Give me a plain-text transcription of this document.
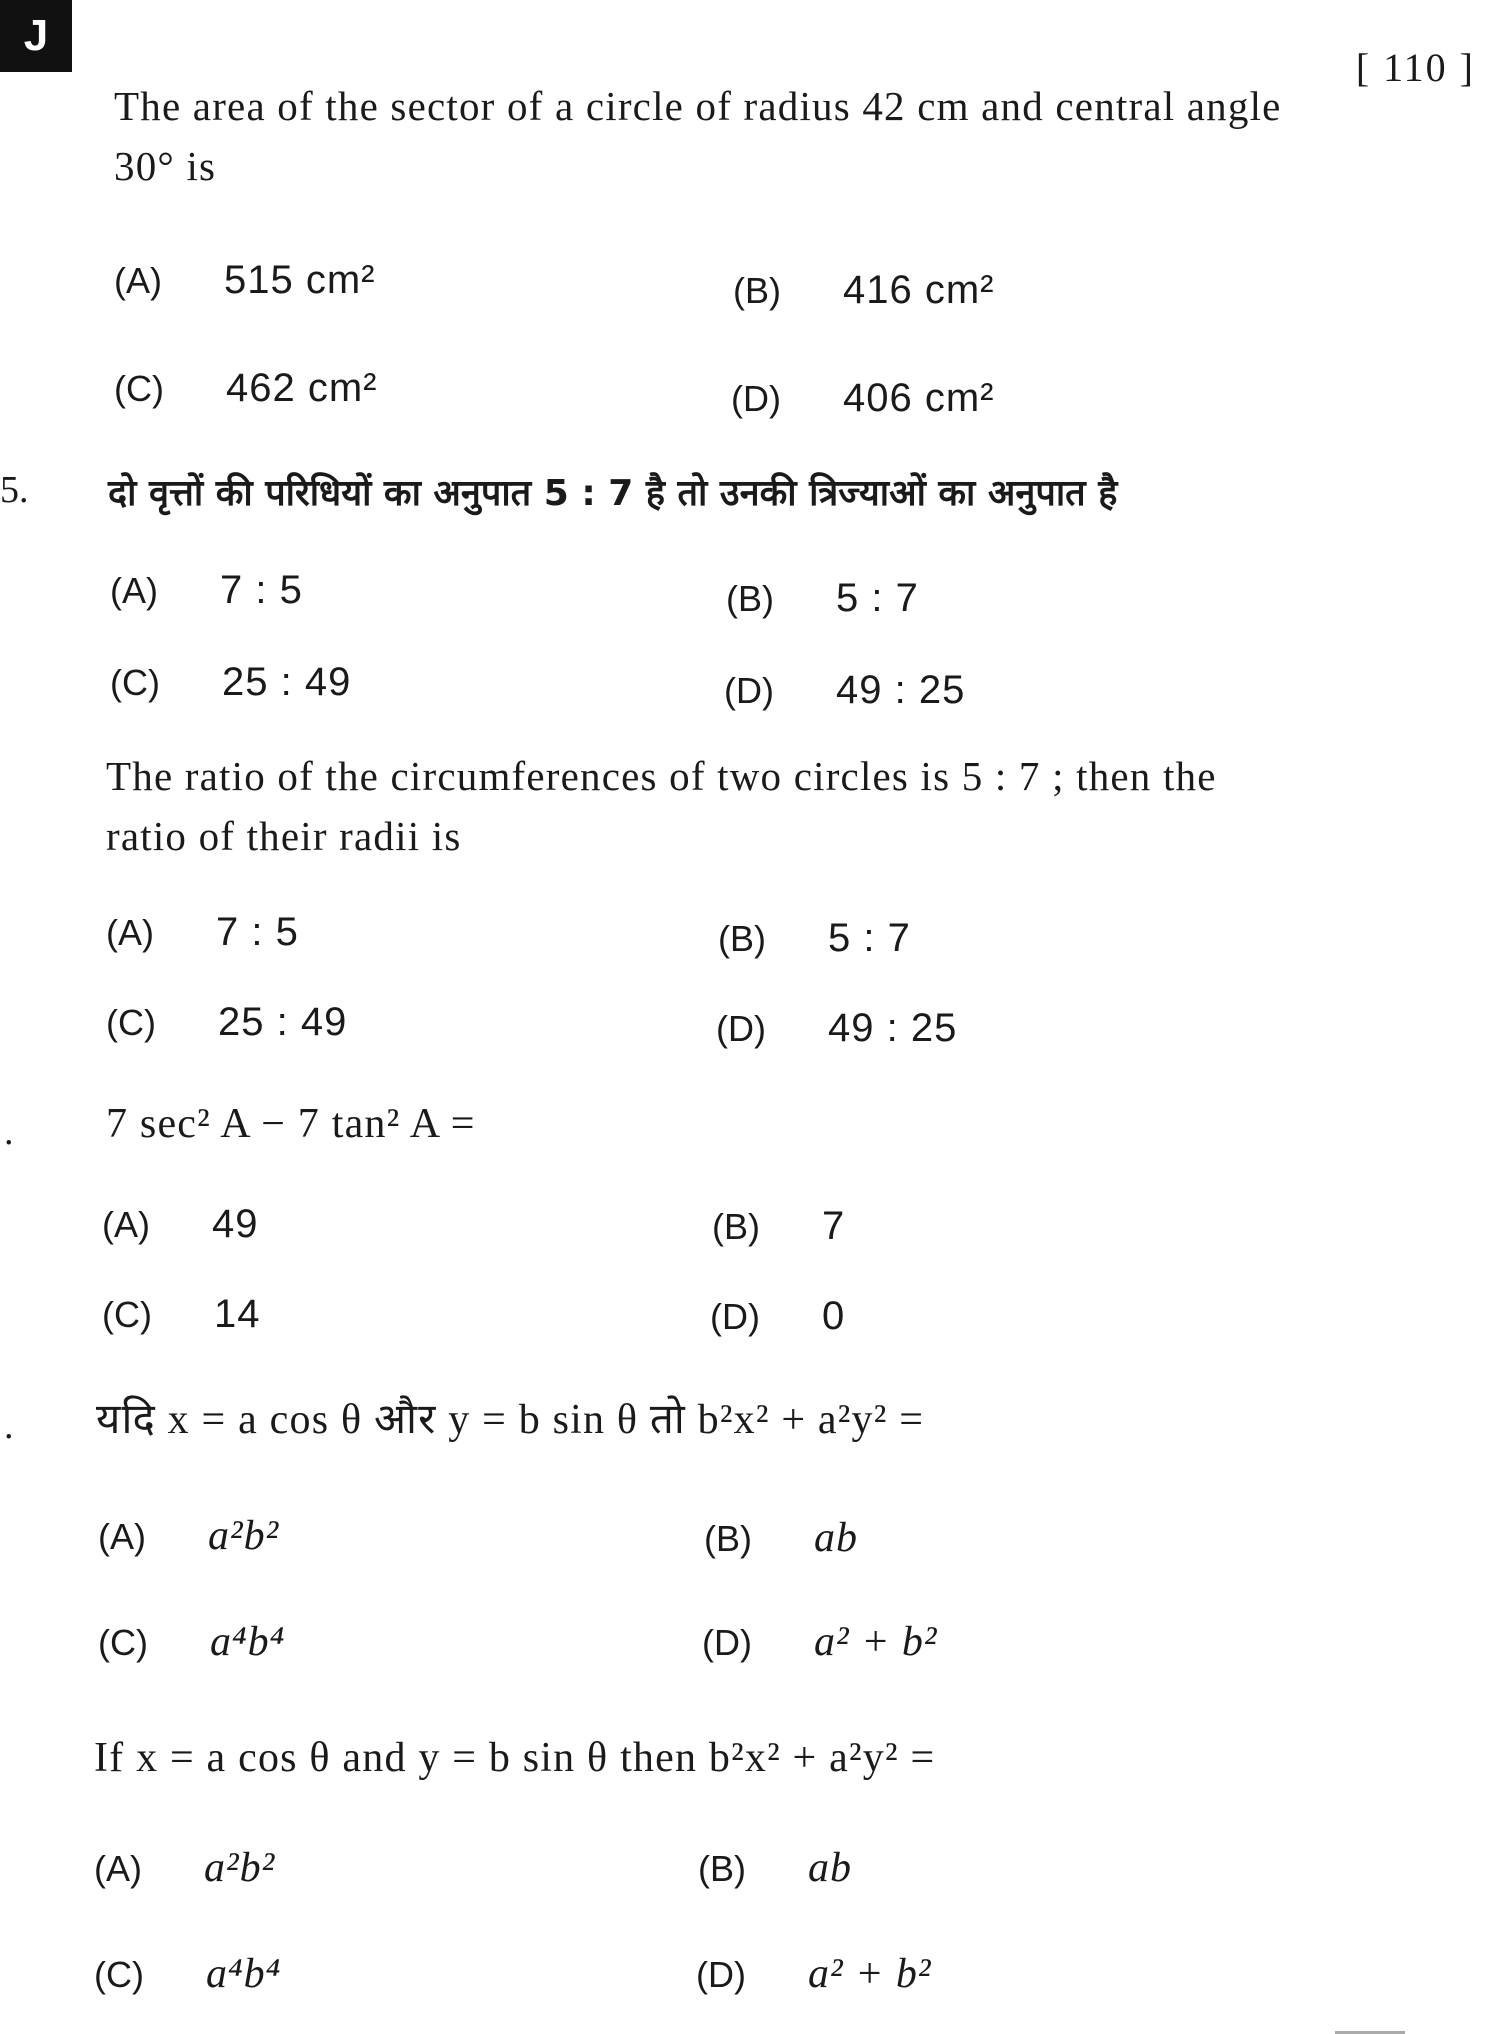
J
[ 110 ]
The area of the sector of a circle of radius 42 cm and central angle
30° is
(A) 515 cm²	(B) 416 cm²
(C) 462 cm²	(D) 406 cm²
5. दो वृत्तों की परिधियों का अनुपात 5 : 7 है तो उनकी त्रिज्याओं का अनुपात है
(A) 7 : 5	(B) 5 : 7
(C) 25 : 49	(D) 49 : 25
The ratio of the circumferences of two circles is 5 : 7 ; then the
ratio of their radii is
(A) 7 : 5	(B) 5 : 7
(C) 25 : 49	(D) 49 : 25
. 7 sec² A − 7 tan² A =
(A) 49	(B) 7
(C) 14	(D) 0
. यदि x = a cos θ और y = b sin θ तो b²x² + a²y² =
(A) a²b²	(B) ab
(C) a⁴b⁴	(D) a² + b²
If x = a cos θ and y = b sin θ then b²x² + a²y² =
(A) a²b²	(B) ab
(C) a⁴b⁴	(D) a² + b²
